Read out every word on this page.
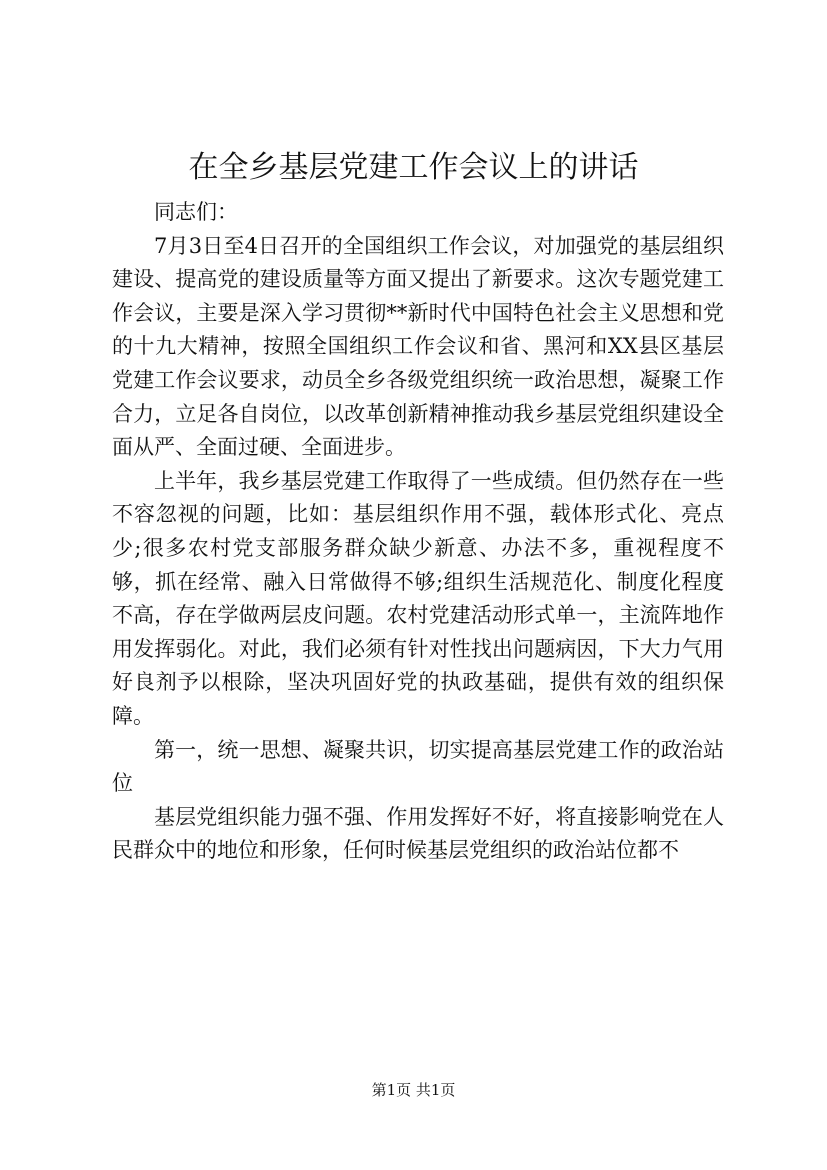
在全乡基层党建工作会议上的讲话

同志们：

7月3日至4日召开的全国组织工作会议，对加强党的基层组织建设、提高党的建设质量等方面又提出了新要求。这次专题党建工作会议，主要是深入学习贯彻**新时代中国特色社会主义思想和党的十九大精神，按照全国组织工作会议和省、黑河和XX县区基层党建工作会议要求，动员全乡各级党组织统一政治思想，凝聚工作合力，立足各自岗位，以改革创新精神推动我乡基层党组织建设全面从严、全面过硬、全面进步。

上半年，我乡基层党建工作取得了一些成绩。但仍然存在一些不容忽视的问题，比如：基层组织作用不强，载体形式化、亮点少;很多农村党支部服务群众缺少新意、办法不多，重视程度不够，抓在经常、融入日常做得不够;组织生活规范化、制度化程度不高，存在学做两层皮问题。农村党建活动形式单一，主流阵地作用发挥弱化。对此，我们必须有针对性找出问题病因，下大力气用好良剂予以根除，坚决巩固好党的执政基础，提供有效的组织保障。

第一，统一思想、凝聚共识，切实提高基层党建工作的政治站位

基层党组织能力强不强、作用发挥好不好，将直接影响党在人民群众中的地位和形象，任何时候基层党组织的政治站位都不

第1页 共1页
